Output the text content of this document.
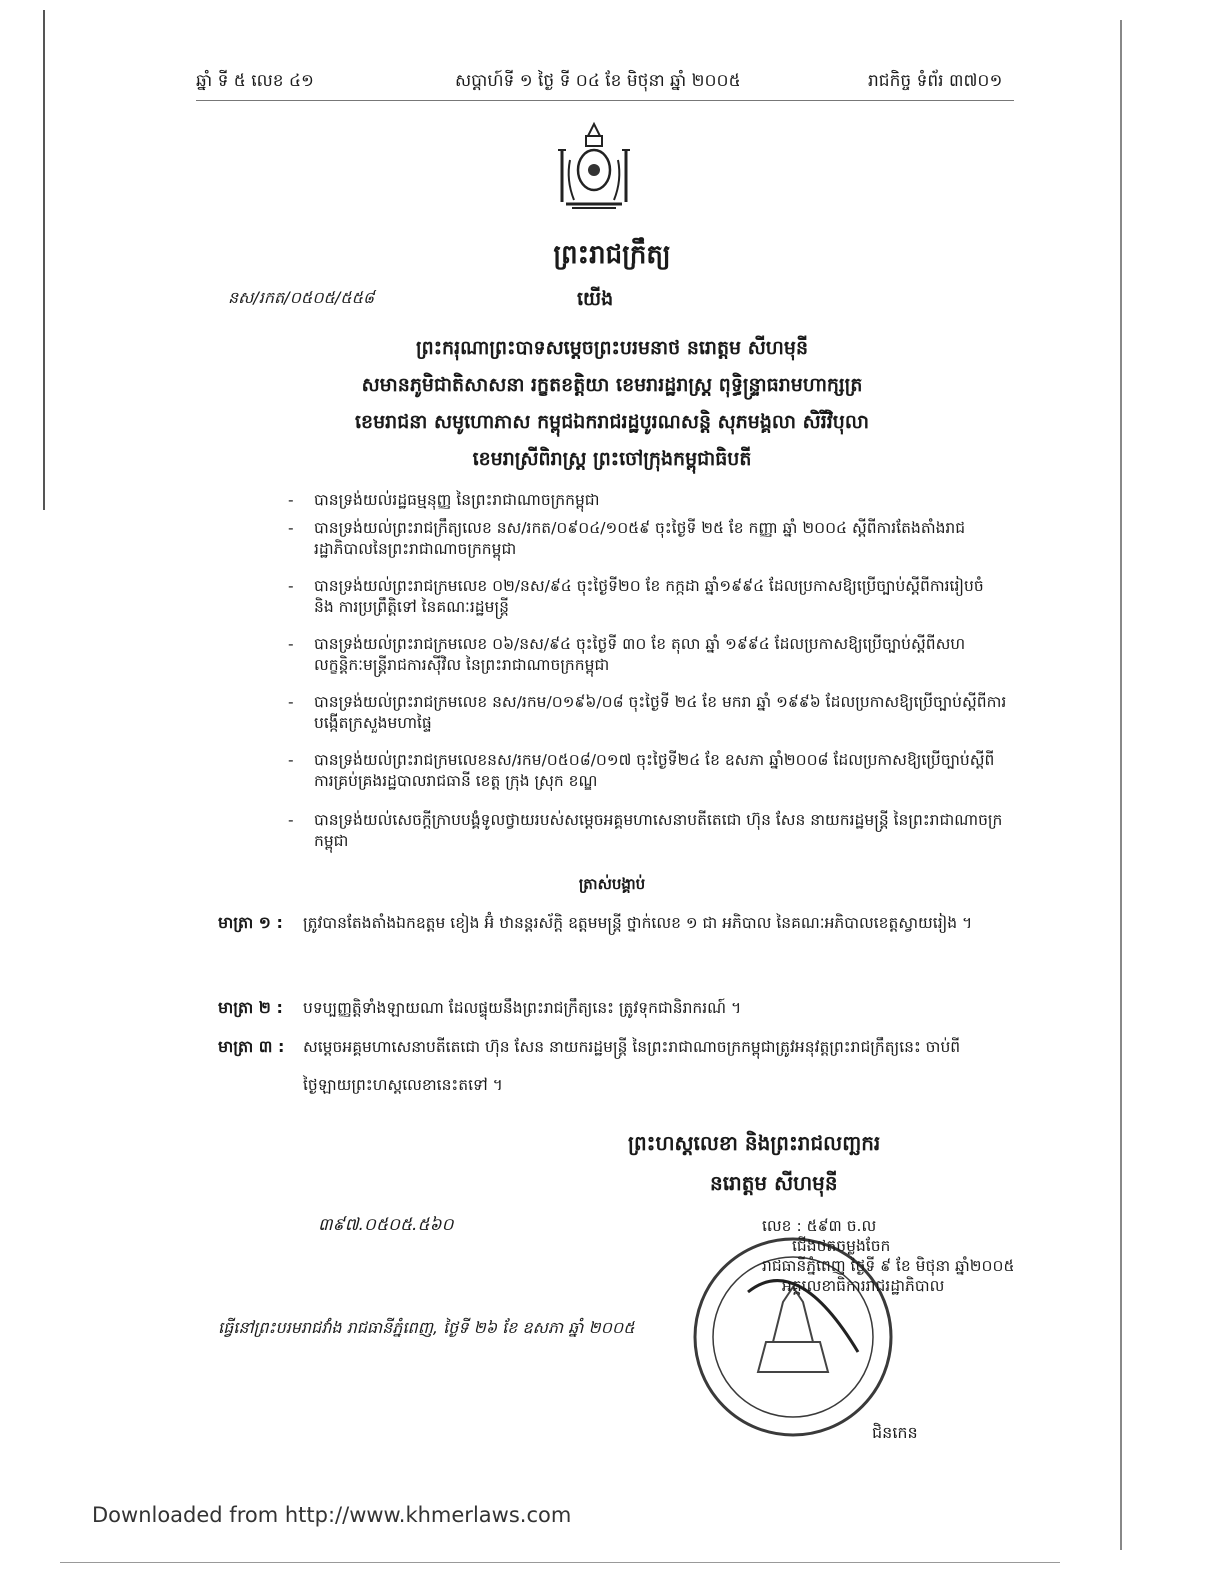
ឆ្នាំ ទី ៥ លេខ ៤១	សប្តាហ៍ទី ១ ថ្ងៃ ទី ០៤ ខែ មិថុនា ឆ្នាំ ២០០៥	រាជកិច្ច ទំព័រ ៣៧០១
ព្រះរាជក្រឹត្យ
នស/រកត/០៥០៥/៥៥៨	យើង
ព្រះករុណាព្រះបាទសម្តេចព្រះបរមនាថ នរោត្តម សីហមុនី
សមានភូមិជាតិសាសនា រក្ខតខត្តិយា ខេមរារដ្ឋរាស្ត្រ ពុទ្ធិន្ទ្រាធរាមហាក្សត្រ
ខេមរាជនា សមូហោភាស កម្ពុជឯករាជរដ្ឋបូរណសន្តិ សុភមង្គលា សិរីវិបុលា
ខេមរាស្រីពិរាស្ត្រ ព្រះចៅក្រុងកម្ពុជាធិបតី
- បានទ្រង់យល់រដ្ឋធម្មនុញ្ញ នៃព្រះរាជាណាចក្រកម្ពុជា
- បានទ្រង់យល់ព្រះរាជក្រឹត្យលេខ នស/រកត/០៩០៤/១០៥៩ ចុះថ្ងៃទី ២៥ ខែ កញ្ញា ឆ្នាំ ២០០៤ ស្តីពីការតែងតាំងរាជរដ្ឋាភិបាលនៃព្រះរាជាណាចក្រកម្ពុជា
- បានទ្រង់យល់ព្រះរាជក្រមលេខ ០២/នស/៩៤ ចុះថ្ងៃទី២០ ខែ កក្កដា ឆ្នាំ១៩៩៤ ដែលប្រកាសឱ្យប្រើច្បាប់ស្តីពីការរៀបចំ និង ការប្រព្រឹត្តិទៅ នៃគណៈរដ្ឋមន្ត្រី
- បានទ្រង់យល់ព្រះរាជក្រមលេខ ០៦/នស/៩៤ ចុះថ្ងៃទី ៣០ ខែ តុលា ឆ្នាំ ១៩៩៤ ដែលប្រកាសឱ្យប្រើច្បាប់ស្តីពីសហលក្ខន្តិកៈមន្ត្រីរាជការស៊ីវិល នៃព្រះរាជាណាចក្រកម្ពុជា
- បានទ្រង់យល់ព្រះរាជក្រមលេខ នស/រកម/០១៩៦/០៨ ចុះថ្ងៃទី ២៤ ខែ មករា ឆ្នាំ ១៩៩៦ ដែលប្រកាសឱ្យប្រើច្បាប់ស្តីពីការបង្កើតក្រសួងមហាផ្ទៃ
- បានទ្រង់យល់ព្រះរាជក្រមលេខនស/រកម/០៥០៨/០១៧ ចុះថ្ងៃទី២៤ ខែ ឧសភា ឆ្នាំ២០០៨ ដែលប្រកាសឱ្យប្រើច្បាប់ស្តីពីការគ្រប់គ្រងរដ្ឋបាលរាជធានី ខេត្ត ក្រុង ស្រុក ខណ្ឌ
- បានទ្រង់យល់សេចក្តីក្រាបបង្គំទូលថ្វាយរបស់សម្តេចអគ្គមហាសេនាបតីតេជោ ហ៊ុន សែន នាយករដ្ឋមន្ត្រី នៃព្រះរាជាណាចក្រកម្ពុជា
ត្រាស់បង្គាប់
មាត្រា ១ : ត្រូវបានតែងតាំងឯកឧត្តម ខៀង អ៊ំ ឋានន្តរស័ក្តិ ឧត្តមមន្ត្រី ថ្នាក់លេខ ១ ជា អភិបាល នៃគណៈអភិបាលខេត្តស្វាយរៀង ។
មាត្រា ២ : បទប្បញ្ញត្តិទាំងឡាយណា ដែលផ្ទុយនឹងព្រះរាជក្រឹត្យនេះ ត្រូវទុកជានិរាករណ៍ ។
មាត្រា ៣ : សម្តេចអគ្គមហាសេនាបតីតេជោ ហ៊ុន សែន នាយករដ្ឋមន្ត្រី នៃព្រះរាជាណាចក្រកម្ពុជាត្រូវអនុវត្តព្រះរាជក្រឹត្យនេះ ចាប់ពីថ្ងៃឡាយព្រះហស្តលេខានេះតទៅ ។
ព្រះហស្តលេខា និងព្រះរាជលញ្ឆករ
នរោត្តម សីហមុនី
៣៩៧.០៥០៥.៥៦០	លេខ : ៥៩៣ ច.ល
ជើងថតចម្លងចែក
រាជធានីភ្នំពេញ ថ្ងៃទី ៩ ខែ មិថុនា ឆ្នាំ២០០៥
អគ្គលេខាធិការរាជរដ្ឋាភិបាល
ធ្វើនៅព្រះបរមរាជវាំង រាជធានីភ្នំពេញ, ថ្ងៃទី ២៦ ខែ ឧសភា ឆ្នាំ ២០០៥
ជិនកេន
Downloaded from http://www.khmerlaws.com
